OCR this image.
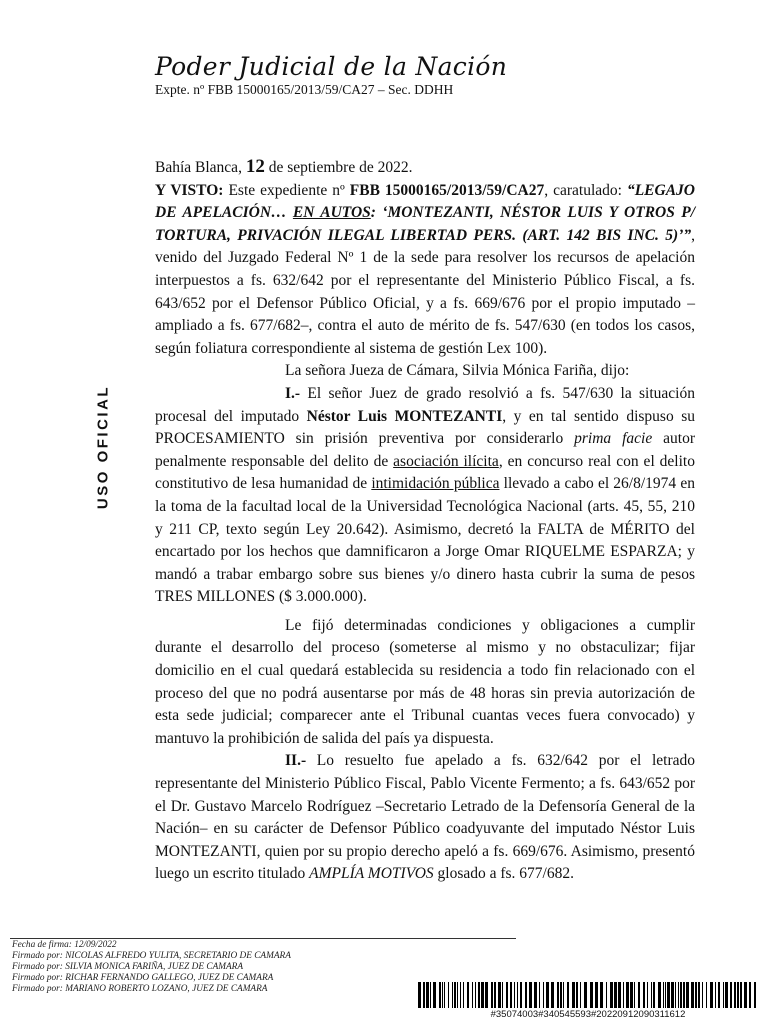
Poder Judicial de la Nación
Expte. nº FBB 15000165/2013/59/CA27 – Sec. DDHH
USO OFICIAL

Bahía Blanca, 12 de septiembre de 2022.

Y VISTO: Este expediente nº FBB 15000165/2013/59/CA27, caratulado: “LEGAJO DE APELACIÓN… EN AUTOS: ‘MONTEZANTI, NÉSTOR LUIS Y OTROS P/ TORTURA, PRIVACIÓN ILEGAL LIBERTAD PERS. (ART. 142 BIS INC. 5)’”, venido del Juzgado Federal Nº 1 de la sede para resolver los recursos de apelación interpuestos a fs. 632/642 por el representante del Ministerio Público Fiscal, a fs. 643/652 por el Defensor Público Oficial, y a fs. 669/676 por el propio imputado –ampliado a fs. 677/682–, contra el auto de mérito de fs. 547/630 (en todos los casos, según foliatura correspondiente al sistema de gestión Lex 100).

La señora Jueza de Cámara, Silvia Mónica Fariña, dijo:

I.- El señor Juez de grado resolvió a fs. 547/630 la situación procesal del imputado Néstor Luis MONTEZANTI, y en tal sentido dispuso su PROCESAMIENTO sin prisión preventiva por considerarlo prima facie autor penalmente responsable del delito de asociación ilícita, en concurso real con el delito constitutivo de lesa humanidad de intimidación pública llevado a cabo el 26/8/1974 en la toma de la facultad local de la Universidad Tecnológica Nacional (arts. 45, 55, 210 y 211 CP, texto según Ley 20.642). Asimismo, decretó la FALTA de MÉRITO del encartado por los hechos que damnificaron a Jorge Omar RIQUELME ESPARZA; y mandó a trabar embargo sobre sus bienes y/o dinero hasta cubrir la suma de pesos TRES MILLONES ($ 3.000.000).

Le fijó determinadas condiciones y obligaciones a cumplir durante el desarrollo del proceso (someterse al mismo y no obstaculizar; fijar domicilio en el cual quedará establecida su residencia a todo fin relacionado con el proceso del que no podrá ausentarse por más de 48 horas sin previa autorización de esta sede judicial; comparecer ante el Tribunal cuantas veces fuera convocado) y mantuvo la prohibición de salida del país ya dispuesta.

II.- Lo resuelto fue apelado a fs. 632/642 por el letrado representante del Ministerio Público Fiscal, Pablo Vicente Fermento; a fs. 643/652 por el Dr. Gustavo Marcelo Rodríguez –Secretario Letrado de la Defensoría General de la Nación– en su carácter de Defensor Público coadyuvante del imputado Néstor Luis MONTEZANTI, quien por su propio derecho apeló a fs. 669/676. Asimismo, presentó luego un escrito titulado AMPLÍA MOTIVOS glosado a fs. 677/682.

Fecha de firma: 12/09/2022
Firmado por: NICOLAS ALFREDO YULITA, SECRETARIO DE CAMARA
Firmado por: SILVIA MONICA FARIÑA, JUEZ DE CAMARA
Firmado por: RICHAR FERNANDO GALLEGO, JUEZ DE CAMARA
Firmado por: MARIANO ROBERTO LOZANO, JUEZ DE CAMARA
#35074003#340545593#20220912090311612
